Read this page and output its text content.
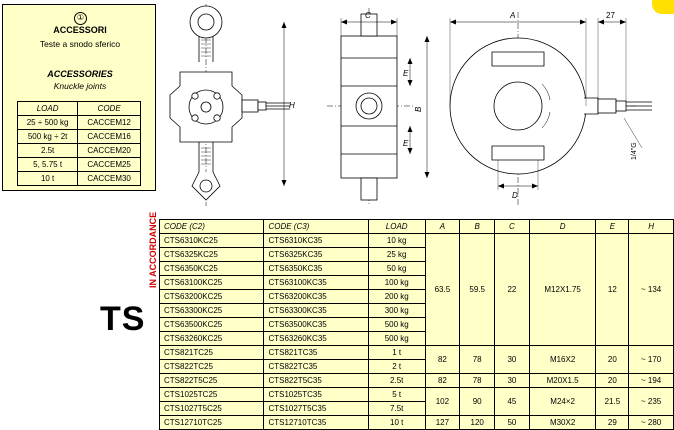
①
ACCESSORI
Teste a snodo sferico
ACCESSORIES
Knuckle joints
LOAD	CODE
25 ÷ 500 kg	CACCEM12
500 kg ÷ 2t	CACCEM16
2.5t	CACCEM20
5, 5.75 t	CACCEM25
10 t	CACCEM30
H
C
E
E
B
A	27
D
1/4"G
TS
IN ACCORDANCE CODE (C2)	CODE (C3)	LOAD	A	B	C	D	E	H
CTS6310KC25	CTS6310KC35	10 kg	63.5	59.5	22	M12X1.75	12	~ 134
CTS6325KC25	CTS6325KC35	25 kg						
CTS6350KC25	CTS6350KC35	50 kg						
CTS63100KC25	CTS63100KC35	100 kg						
CTS63200KC25	CTS63200KC35	200 kg						
CTS63300KC25	CTS63300KC35	300 kg						
CTS63500KC25	CTS63500KC35	500 kg						
CTS63260KC25	CTS63260KC35	500 kg						
CTS821TC25	CTS821TC35	1 t	82	78	30	M16X2	20	~ 170
CTS822TC25	CTS822TC35	2 t						
CTS822T5C25	CTS822T5C35	2.5t	82	78	30	M20X1.5	20	~ 194
CTS1025TC25	CTS1025TC35	5 t	102	90	45	M24×2	21.5	~ 235
CTS1027T5C25	CTS1027T5C35	7.5t						
CTS12710TC25	CTS12710TC35	10 t	127	120	50	M30X2	29	~ 280
